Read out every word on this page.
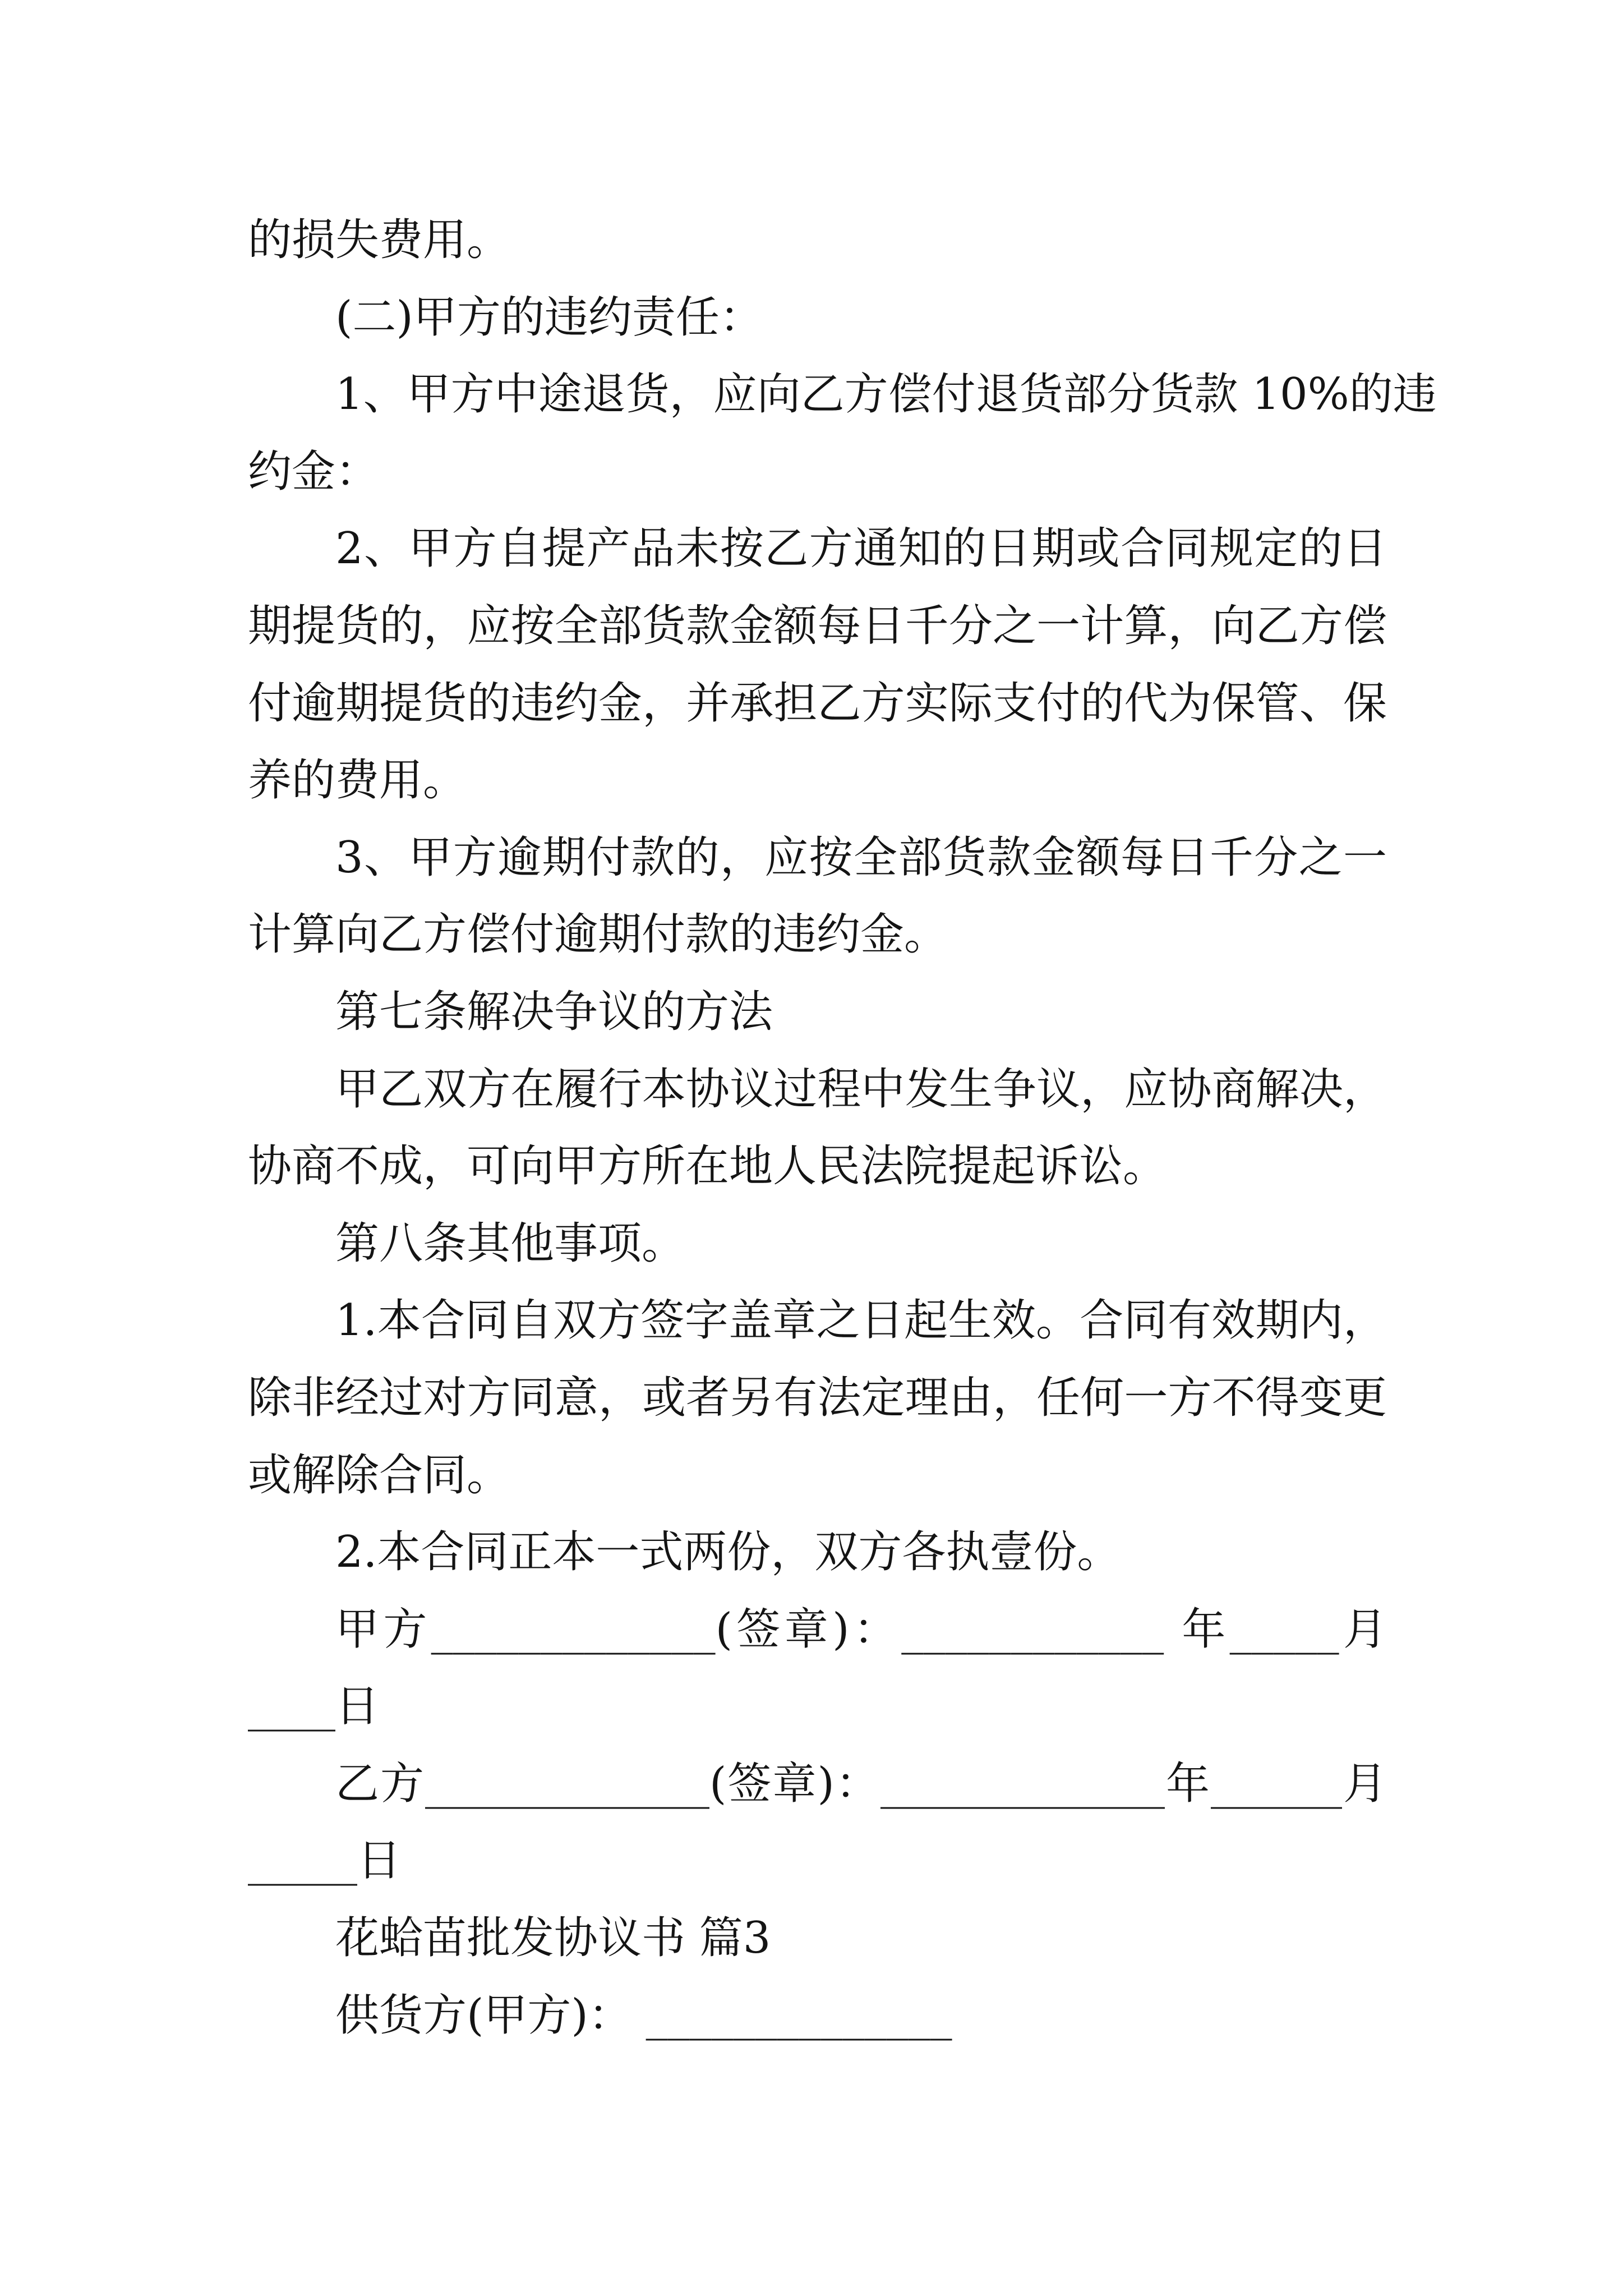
的损失费用。
(二)甲方的违约责任：
1、甲方中途退货，应向乙方偿付退货部分货款 10%的违
约金：
2、甲方自提产品未按乙方通知的日期或合同规定的日
期提货的，应按全部货款金额每日千分之一计算，向乙方偿
付逾期提货的违约金，并承担乙方实际支付的代为保管、保
养的费用。
3、甲方逾期付款的，应按全部货款金额每日千分之一
计算向乙方偿付逾期付款的违约金。
第七条解决争议的方法
甲乙双方在履行本协议过程中发生争议，应协商解决，
协商不成，可向甲方所在地人民法院提起诉讼。
第八条其他事项。
1.本合同自双方签字盖章之日起生效。合同有效期内，
除非经过对方同意，或者另有法定理由，任何一方不得变更
或解除合同。
2.本合同正本一式两份，双方各执壹份。
甲方_____________(签章)：____________ 年_____月
____日
乙方_____________(签章)：_____________年______月
_____日
花蛤苗批发协议书 篇3
供货方(甲方)： ______________
